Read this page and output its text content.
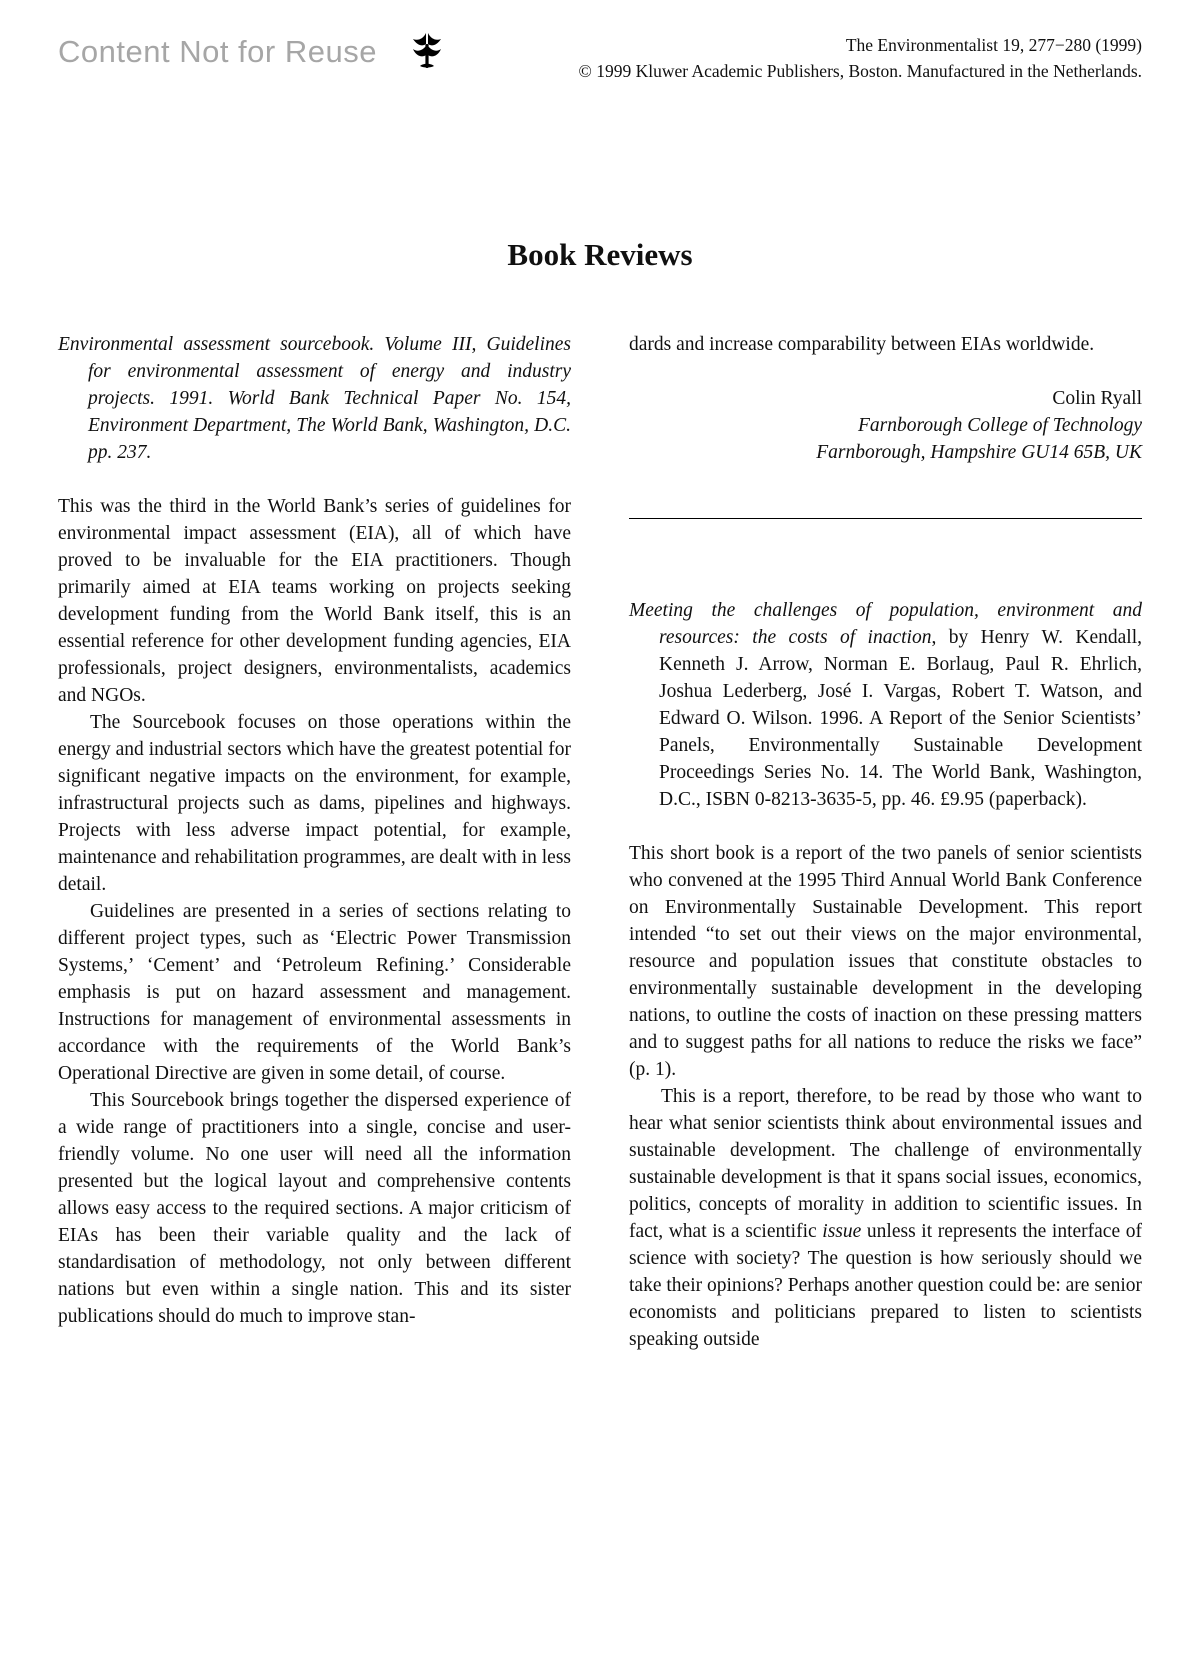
Content Not for Reuse	The Environmentalist 19, 277−280 (1999)
© 1999 Kluwer Academic Publishers, Boston. Manufactured in the Netherlands.
Book Reviews

Environmental assessment sourcebook. Volume III, Guidelines for environmental assessment of energy and industry projects. 1991. World Bank Technical Paper No. 154, Environment Department, The World Bank, Washington, D.C. pp. 237.

This was the third in the World Bank’s series of guidelines for environmental impact assessment (EIA), all of which have proved to be invaluable for the EIA practitioners. Though primarily aimed at EIA teams working on projects seeking development funding from the World Bank itself, this is an essential reference for other development funding agencies, EIA professionals, project designers, environmentalists, academics and NGOs.

The Sourcebook focuses on those operations within the energy and industrial sectors which have the greatest potential for significant negative impacts on the environment, for example, infrastructural projects such as dams, pipelines and highways. Projects with less adverse impact potential, for example, maintenance and rehabilitation programmes, are dealt with in less detail.

Guidelines are presented in a series of sections relating to different project types, such as ‘Electric Power Transmission Systems,’ ‘Cement’ and ‘Petroleum Refining.’ Considerable emphasis is put on hazard assessment and management. Instructions for management of environmental assessments in accordance with the requirements of the World Bank’s Operational Directive are given in some detail, of course.

This Sourcebook brings together the dispersed experience of a wide range of practitioners into a single, concise and user-friendly volume. No one user will need all the information presented but the logical layout and comprehensive contents allows easy access to the required sections. A major criticism of EIAs has been their variable quality and the lack of standardisation of methodology, not only between different nations but even within a single nation. This and its sister publications should do much to improve stan-

dards and increase comparability between EIAs worldwide.

Colin Ryall
Farnborough College of Technology
Farnborough, Hampshire GU14 65B, UK

Meeting the challenges of population, environment and resources: the costs of inaction, by Henry W. Kendall, Kenneth J. Arrow, Norman E. Borlaug, Paul R. Ehrlich, Joshua Lederberg, José I. Vargas, Robert T. Watson, and Edward O. Wilson. 1996. A Report of the Senior Scientists’ Panels, Environmentally Sustainable Development Proceedings Series No. 14. The World Bank, Washington, D.C., ISBN 0-8213-3635-5, pp. 46. £9.95 (paperback).

This short book is a report of the two panels of senior scientists who convened at the 1995 Third Annual World Bank Conference on Environmentally Sustainable Development. This report intended “to set out their views on the major environmental, resource and population issues that constitute obstacles to environmentally sustainable development in the developing nations, to outline the costs of inaction on these pressing matters and to suggest paths for all nations to reduce the risks we face” (p. 1).

This is a report, therefore, to be read by those who want to hear what senior scientists think about environmental issues and sustainable development. The challenge of environmentally sustainable development is that it spans social issues, economics, politics, concepts of morality in addition to scientific issues. In fact, what is a scientific issue unless it represents the interface of science with society? The question is how seriously should we take their opinions? Perhaps another question could be: are senior economists and politicians prepared to listen to scientists speaking outside
